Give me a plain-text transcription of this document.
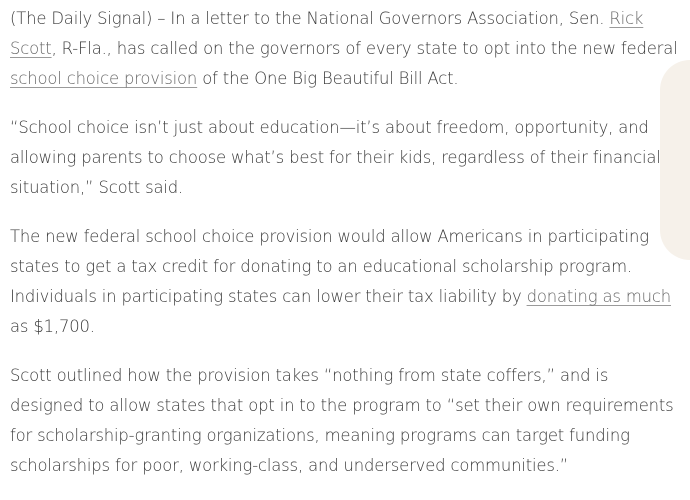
(The Daily Signal) – In a letter to the National Governors Association, Sen. Rick Scott, R-Fla., has called on the governors of every state to opt into the new federal school choice provision of the One Big Beautiful Bill Act.

“School choice isn’t just about education—it’s about freedom, opportunity, and allowing parents to choose what’s best for their kids, regardless of their financial situation,” Scott said.

The new federal school choice provision would allow Americans in participating states to get a tax credit for donating to an educational scholarship program. Individuals in participating states can lower their tax liability by donating as much as $1,700.

Scott outlined how the provision takes “nothing from state coffers,” and is designed to allow states that opt in to the program to “set their own requirements for scholarship-granting organizations, meaning programs can target funding scholarships for poor, working-class, and underserved communities.”
